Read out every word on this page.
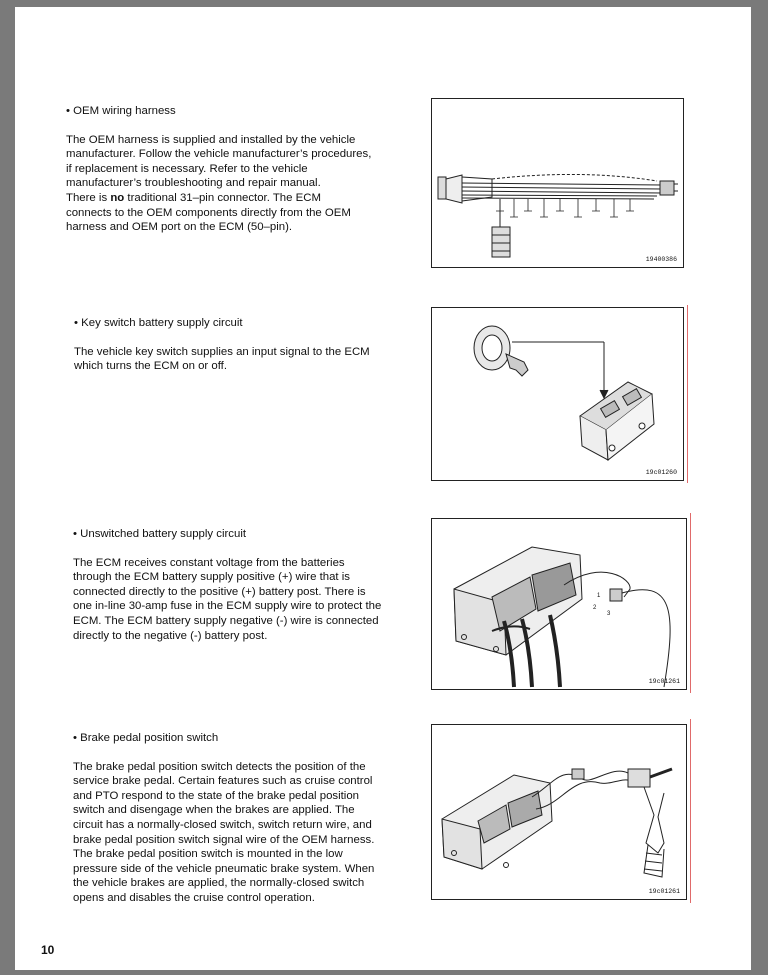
• OEM wiring harness

The OEM harness is supplied and installed by the vehicle manufacturer. Follow the vehicle manufacturer’s procedures, if replacement is necessary. Refer to the vehicle manufacturer’s troubleshooting and repair manual.

There is no traditional 31–pin connector. The ECM

connects to the OEM components directly from the OEM harness and OEM port on the ECM (50–pin).

19400386

• Key switch battery supply circuit

The vehicle key switch supplies an input signal to the ECM which turns the ECM on or off.

19c01260

• Unswitched battery supply circuit

The ECM receives constant voltage from the batteries through the ECM battery supply positive (+) wire that is connected directly to the positive (+) battery post. There is one in-line 30-amp fuse in the ECM supply wire to protect the ECM. The ECM battery supply negative (-) wire is connected directly to the negative (-) battery post.

1
2
3
19c01261

• Brake pedal position switch

The brake pedal position switch detects the position of the service brake pedal. Certain features such as cruise control and PTO respond to the state of the brake pedal position switch and disengage when the brakes are applied. The circuit has a normally-closed switch, switch return wire, and brake pedal position switch signal wire of the OEM harness.

The brake pedal position switch is mounted in the low pressure side of the vehicle pneumatic brake system. When the vehicle brakes are applied, the normally-closed switch opens and disables the cruise control operation.

19c01261
10
